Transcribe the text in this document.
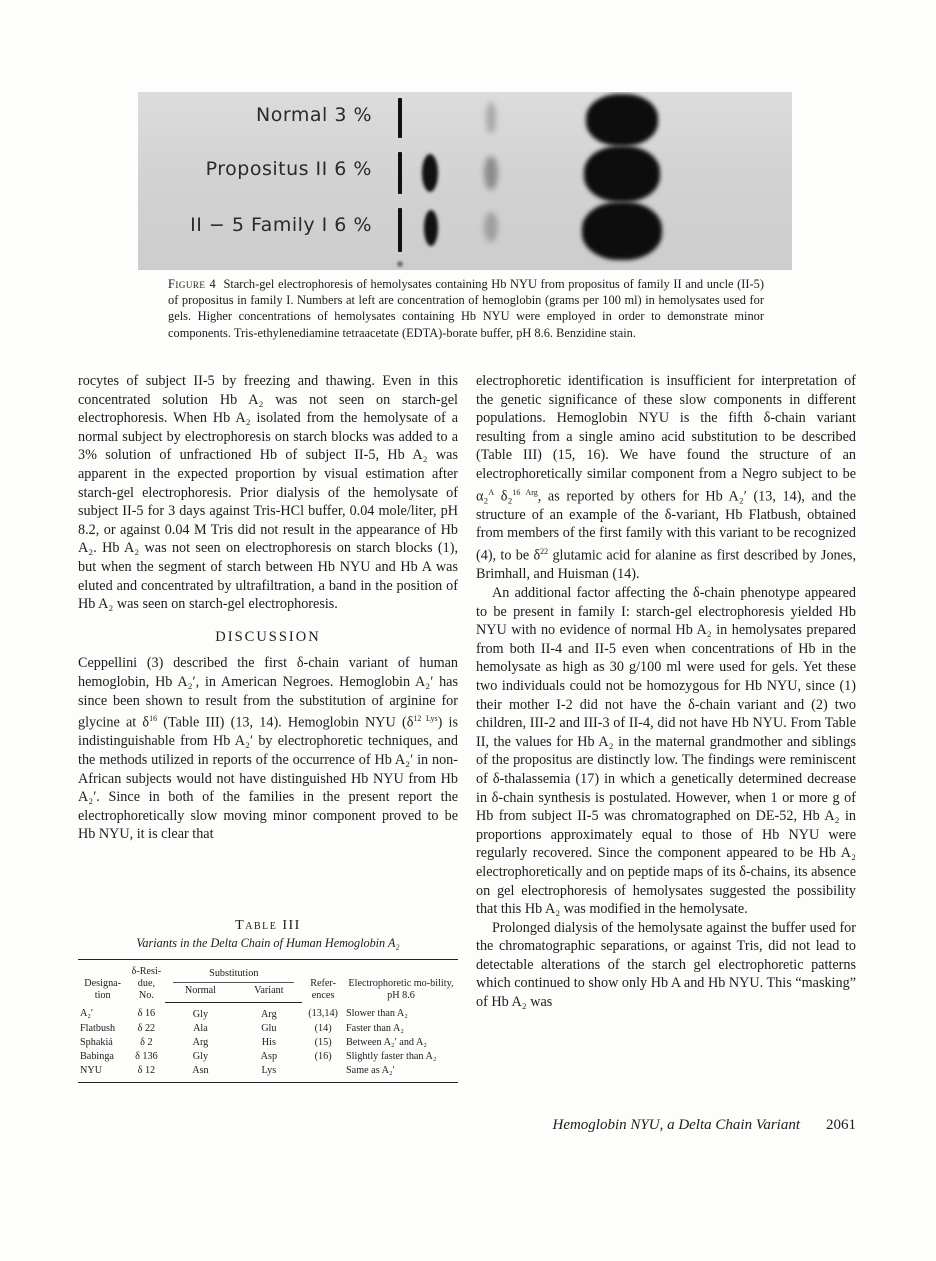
Normal 3 %
Propositus II 6 %
II − 5 Family I 6 %
Figure 4 Starch-gel electrophoresis of hemolysates containing Hb NYU from propositus of family II and uncle (II-5) of propositus in family I. Numbers at left are concentration of hemoglobin (grams per 100 ml) in hemolysates used for gels. Higher concentrations of hemolysates containing Hb NYU were employed in order to demonstrate minor components. Tris-ethylenediamine tetraacetate (EDTA)-borate buffer, pH 8.6. Benzidine stain.

rocytes of subject II-5 by freezing and thawing. Even in this concentrated solution Hb A₂ was not seen on starch-gel electrophoresis. When Hb A₂ isolated from the hemolysate of a normal subject by electrophoresis on starch blocks was added to a 3% solution of unfractioned Hb of subject II-5, Hb A₂ was apparent in the expected proportion by visual estimation after starch-gel electrophoresis. Prior dialysis of the hemolysate of subject II-5 for 3 days against Tris-HCl buffer, 0.04 mole/liter, pH 8.2, or against 0.04 M Tris did not result in the appearance of Hb A₂. Hb A₂ was not seen on electrophoresis on starch blocks (1), but when the segment of starch between Hb NYU and Hb A was eluted and concentrated by ultrafiltration, a band in the position of Hb A₂ was seen on starch-gel electrophoresis.

DISCUSSION

Ceppellini (3) described the first δ-chain variant of human hemoglobin, Hb A₂′, in American Negroes. Hemoglobin A₂′ has since been shown to result from the substitution of arginine for glycine at $\delta^{16}$ (Table III) (13, 14). Hemoglobin NYU $(\delta^{12 Lys})$ is indistinguishable from Hb A₂′ by electrophoretic techniques, and the methods utilized in reports of the occurrence of Hb A₂′ in non-African subjects would not have distinguished Hb NYU from Hb A₂′. Since in both of the families in the present report the electrophoretically slow moving minor component proved to be Hb NYU, it is clear that

Table III

Variants in the Delta Chain of Human Hemoglobin A₂

Designa-tion	δ-Resi-due, No.	Substitution		Refer-ences	Electrophoretic mo-bility, pH 8.6
		Normal	Variant		
A₂′	δ 16	Gly	Arg	(13,14)	Slower than A₂
Flatbush	δ 22	Ala	Glu	(14)	Faster than A₂
Sphakiá	δ 2	Arg	His	(15)	Between A₂′ and A₂
Babinga	δ 136	Gly	Asp	(16)	Slightly faster than A₂
NYU	δ 12	Asn	Lys		Same as A₂′

electrophoretic identification is insufficient for interpretation of the genetic significance of these slow components in different populations. Hemoglobin NYU is the fifth δ-chain variant resulting from a single amino acid substitution to be described (Table III) (15, 16). We have found the structure of an electrophoretically similar component from a Negro subject to be α₂$^A$ δ₂$^{16 Arg}$, as reported by others for Hb A₂′ (13, 14), and the structure of an example of the δ-variant, Hb Flatbush, obtained from members of the first family with this variant to be recognized (4), to be $\delta^{22}$ glutamic acid for alanine as first described by Jones, Brimhall, and Huisman (14).

An additional factor affecting the δ-chain phenotype appeared to be present in family I: starch-gel electrophoresis yielded Hb NYU with no evidence of normal Hb A₂ in hemolysates prepared from both II-4 and II-5 even when concentrations of Hb in the hemolysate as high as 30 g/100 ml were used for gels. Yet these two individuals could not be homozygous for Hb NYU, since (1) their mother I-2 did not have the δ-chain variant and (2) two children, III-2 and III-3 of II-4, did not have Hb NYU. From Table II, the values for Hb A₂ in the maternal grandmother and siblings of the propositus are distinctly low. The findings were reminiscent of δ-thalassemia (17) in which a genetically determined decrease in δ-chain synthesis is postulated. However, when 1 or more g of Hb from subject II-5 was chromatographed on DE-52, Hb A₂ in proportions approximately equal to those of Hb NYU were regularly recovered. Since the component appeared to be Hb A₂ electrophoretically and on peptide maps of its δ-chains, its absence on gel electrophoresis of hemolysates suggested the possibility that this Hb A₂ was modified in the hemolysate.

Prolonged dialysis of the hemolysate against the buffer used for the chromatographic separations, or against Tris, did not lead to detectable alterations of the starch gel electrophoretic patterns which continued to show only Hb A and Hb NYU. This “masking” of Hb A₂ was

Hemoglobin NYU, a Delta Chain Variant 2061
